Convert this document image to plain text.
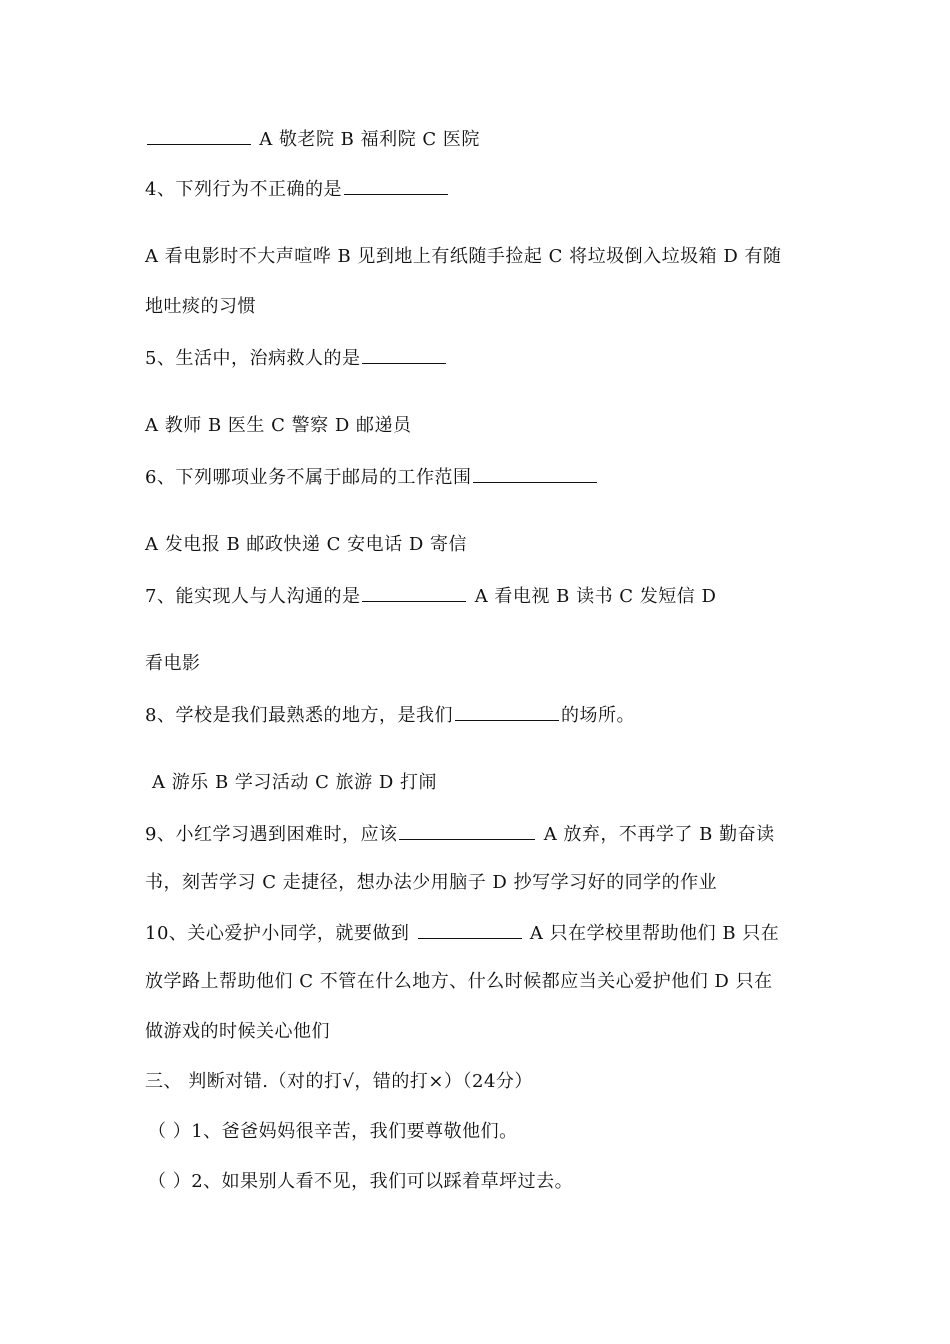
A 敬老院 B 福利院 C 医院
4、下列行为不正确的是
A 看电影时不大声喧哗 B 见到地上有纸随手捡起 C 将垃圾倒入垃圾箱 D 有随
地吐痰的习惯
5、生活中，治病救人的是
A 教师 B 医生 C 警察 D 邮递员
6、下列哪项业务不属于邮局的工作范围
A 发电报 B 邮政快递 C 安电话 D 寄信
7、能实现人与人沟通的是	A 看电视 B 读书 C 发短信 D
看电影
8、学校是我们最熟悉的地方，是我们	的场所。
A 游乐 B 学习活动 C 旅游 D 打闹
9、小红学习遇到困难时，应该	A 放弃，不再学了 B 勤奋读
书，刻苦学习 C 走捷径，想办法少用脑子 D 抄写学习好的同学的作业
10、关心爱护小同学，就要做到	A 只在学校里帮助他们 B 只在
放学路上帮助他们 C 不管在什么地方、什么时候都应当关心爱护他们 D 只在
做游戏的时候关心他们
三、 判断对错.（对的打√，错的打×）（24分）
（ ）1、爸爸妈妈很辛苦，我们要尊敬他们。
（ ）2、如果别人看不见，我们可以踩着草坪过去。
